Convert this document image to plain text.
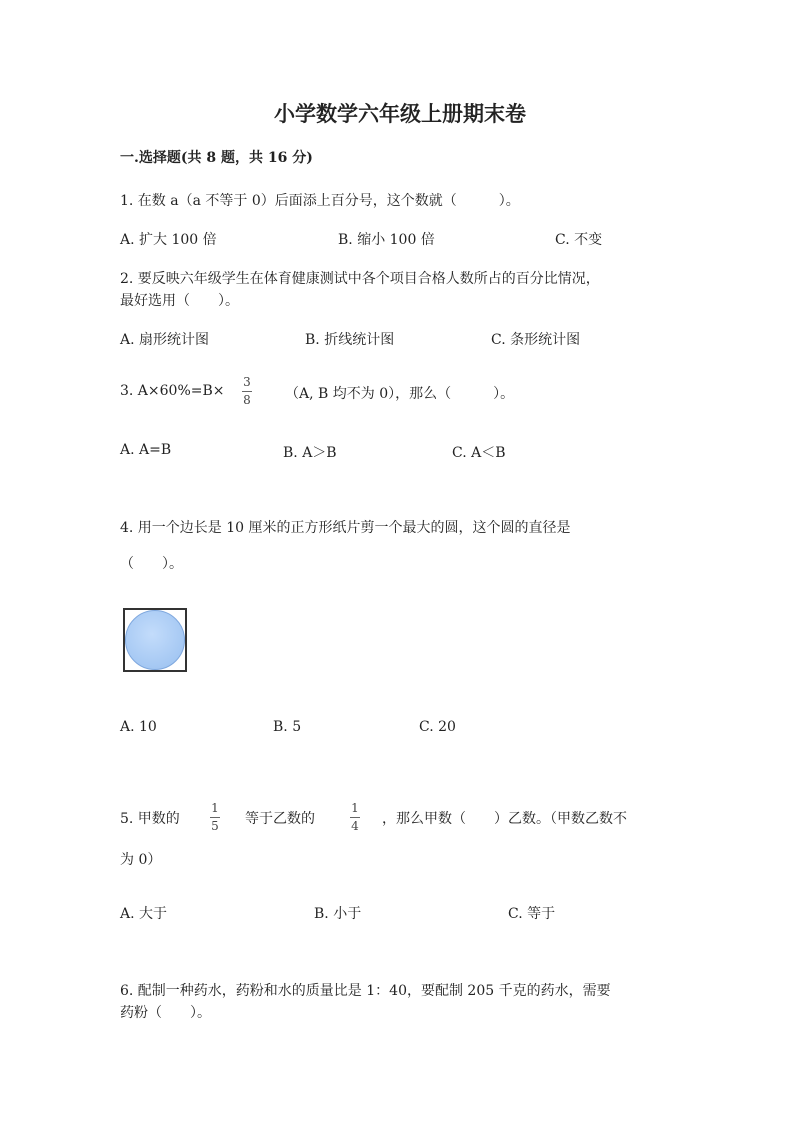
小学数学六年级上册期末卷
一.选择题(共 8 题，共 16 分)
1. 在数 a（a 不等于 0）后面添上百分号，这个数就（　　　）。
A. 扩大 100 倍	B. 缩小 100 倍	C. 不变
2. 要反映六年级学生在体育健康测试中各个项目合格人数所占的百分比情况，
最好选用（　　）。
A. 扇形统计图	B. 折线统计图	C. 条形统计图
3. A×60%=B×
3
8 （A, B 均不为 0），那么（　　　）。
A. A=B	B. A＞B	C. A＜B
4. 用一个边长是 10 厘米的正方形纸片剪一个最大的圆，这个圆的直径是
（　　）。
A. 10	B. 5	C. 20
5. 甲数的
1
5 等于乙数的
1
4 ，那么甲数（　　）乙数。（甲数乙数不
为 0）
A. 大于	B. 小于	C. 等于
6. 配制一种药水，药粉和水的质量比是 1：40，要配制 205 千克的药水，需要
药粉（　　）。
